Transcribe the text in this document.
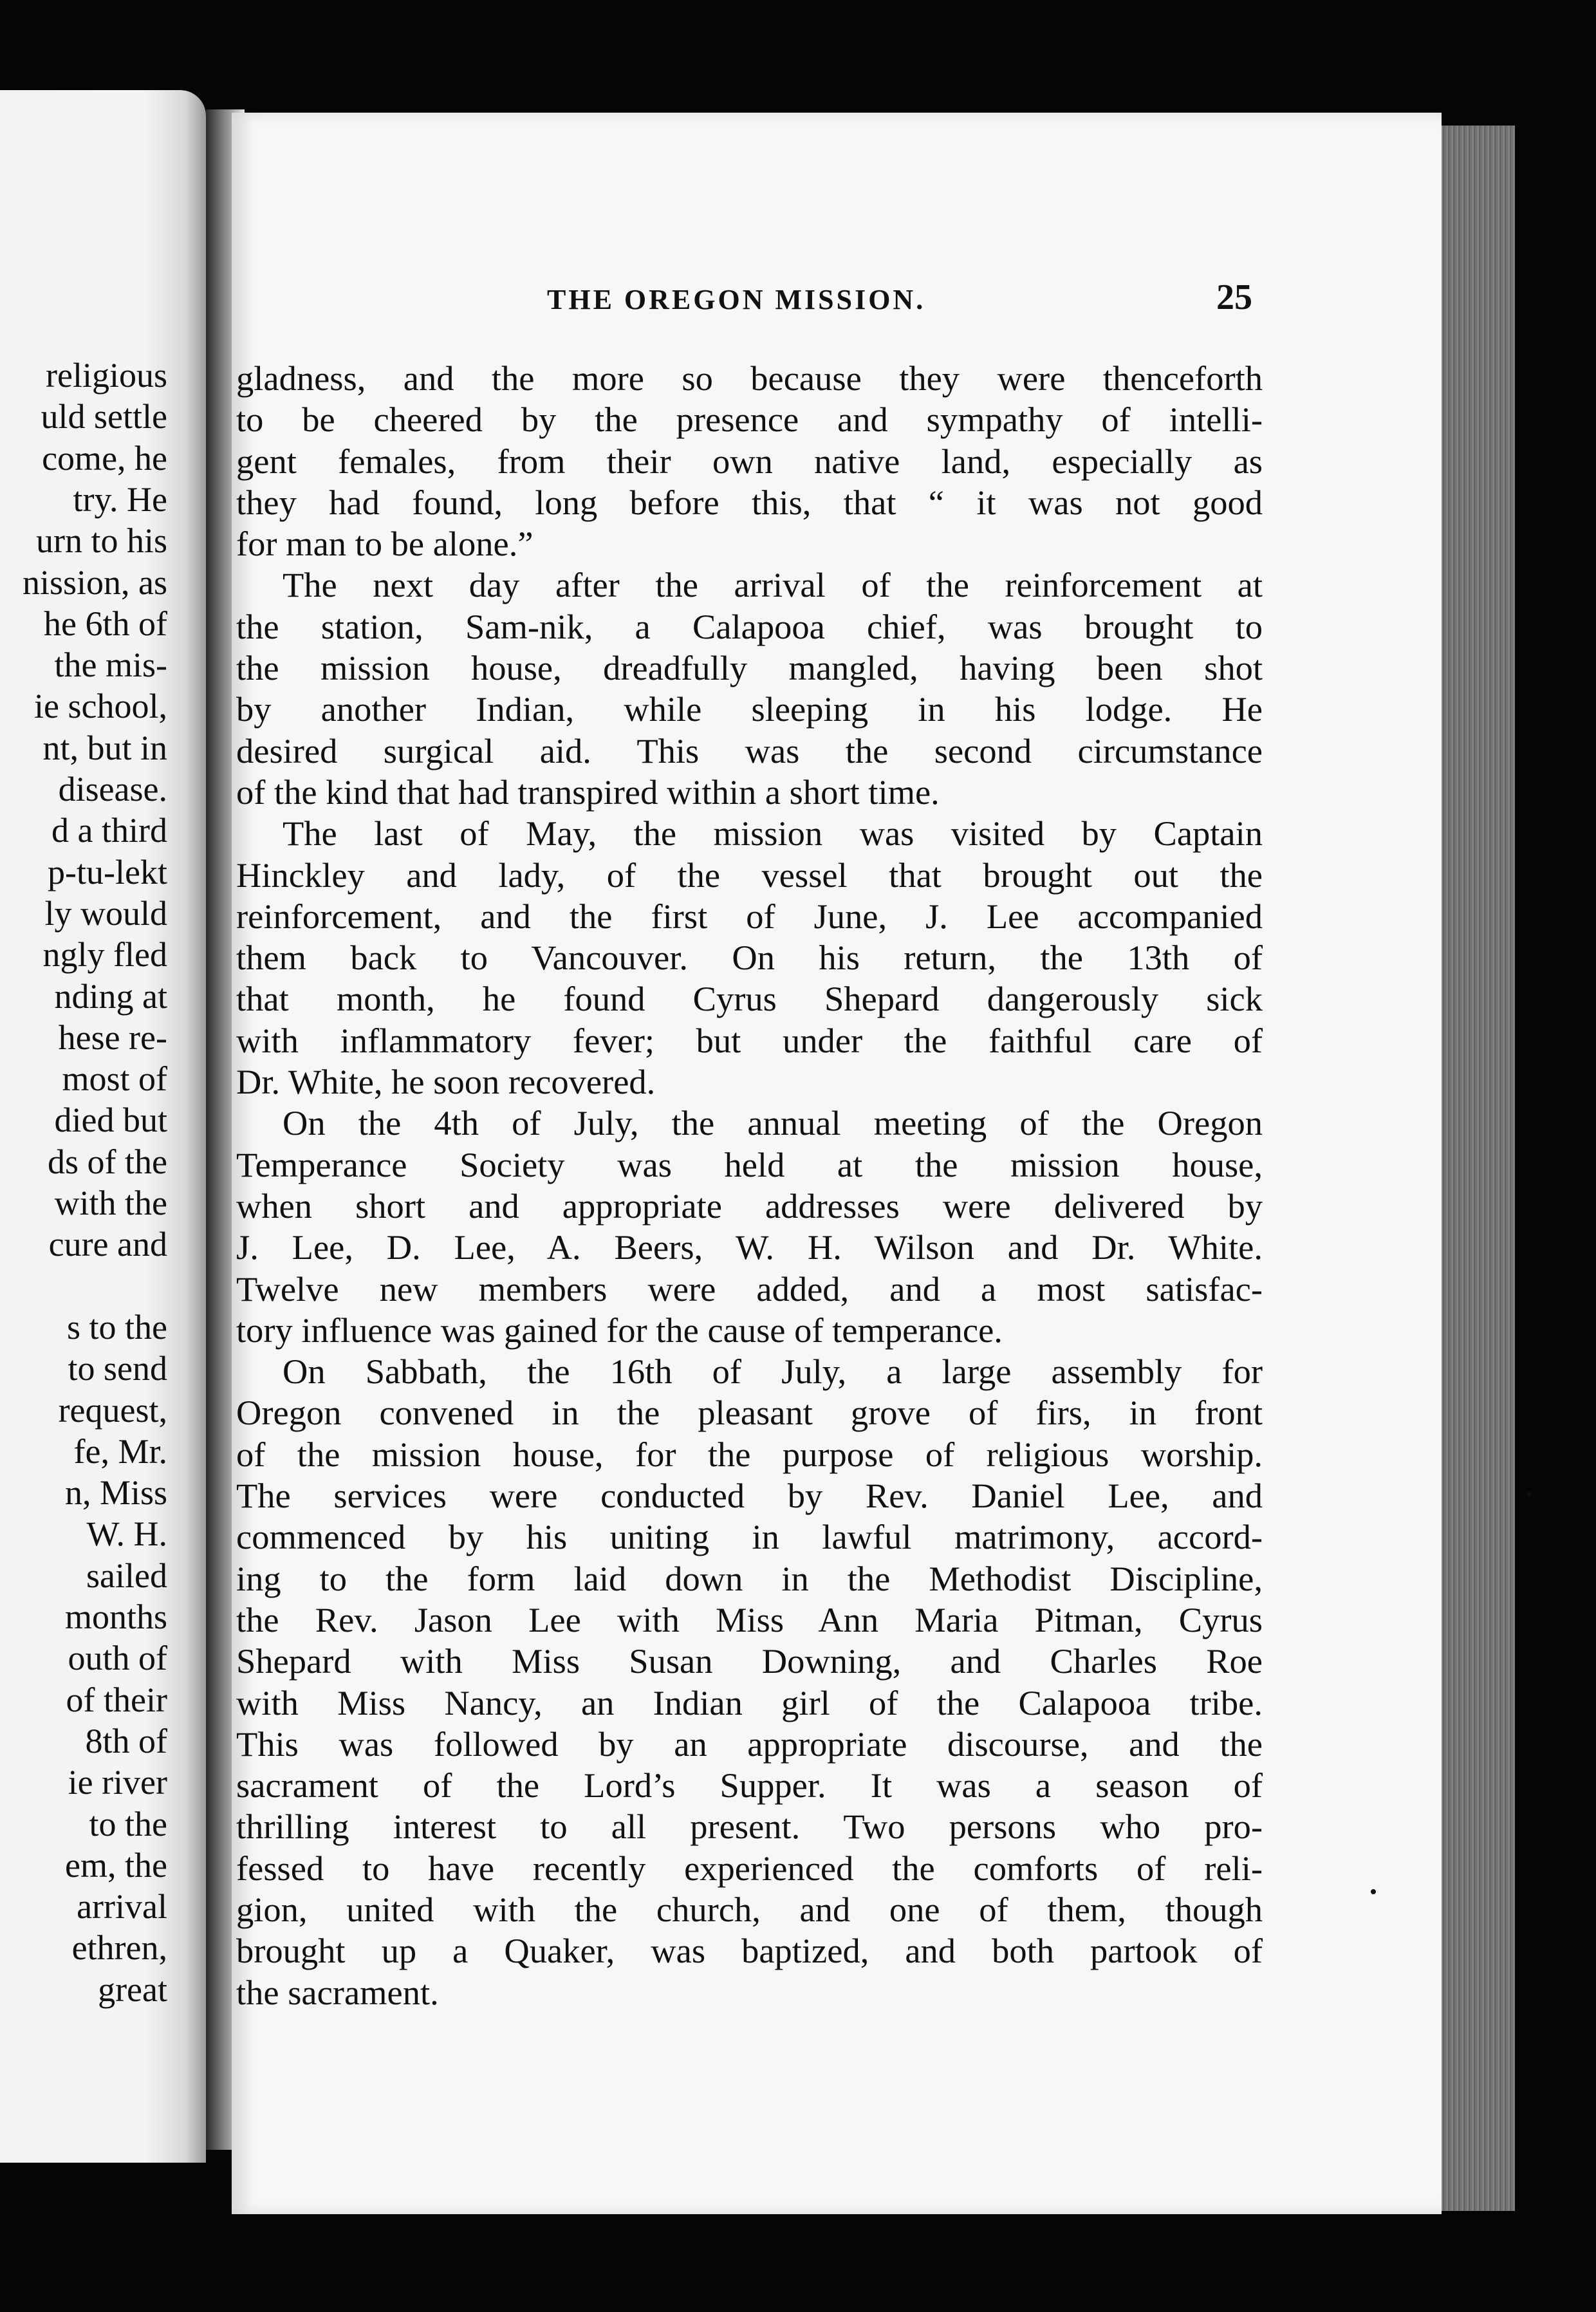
religious
uld settle
come, he
try. He
urn to his
nission, as
he 6th of
the mis-
ie school,
nt, but in
disease.
d a third
p-tu-lekt
ly would
ngly fled
nding at
hese re-
most of
died but
ds of the
with the
cure and
s to the
to send
request,
fe, Mr.
n, Miss
W. H.
sailed
months
outh of
of their
8th of
ie river
to the
em, the
arrival
ethren,
great
THE OREGON MISSION.	25
gladness, and the more so because they were thenceforth
to be cheered by the presence and sympathy of intelli-
gent females, from their own native land, especially as
they had found, long before this, that “ it was not good
for man to be alone.”
The next day after the arrival of the reinforcement at
the station, Sam-nik, a Calapooa chief, was brought to
the mission house, dreadfully mangled, having been shot
by another Indian, while sleeping in his lodge. He
desired surgical aid. This was the second circumstance
of the kind that had transpired within a short time.
The last of May, the mission was visited by Captain
Hinckley and lady, of the vessel that brought out the
reinforcement, and the first of June, J. Lee accompanied
them back to Vancouver. On his return, the 13th of
that month, he found Cyrus Shepard dangerously sick
with inflammatory fever; but under the faithful care of
Dr. White, he soon recovered.
On the 4th of July, the annual meeting of the Oregon
Temperance Society was held at the mission house,
when short and appropriate addresses were delivered by
J. Lee, D. Lee, A. Beers, W. H. Wilson and Dr. White.
Twelve new members were added, and a most satisfac-
tory influence was gained for the cause of temperance.
On Sabbath, the 16th of July, a large assembly for
Oregon convened in the pleasant grove of firs, in front
of the mission house, for the purpose of religious worship.
The services were conducted by Rev. Daniel Lee, and
commenced by his uniting in lawful matrimony, accord-
ing to the form laid down in the Methodist Discipline,
the Rev. Jason Lee with Miss Ann Maria Pitman, Cyrus
Shepard with Miss Susan Downing, and Charles Roe
with Miss Nancy, an Indian girl of the Calapooa tribe.
This was followed by an appropriate discourse, and the
sacrament of the Lord’s Supper. It was a season of
thrilling interest to all present. Two persons who pro-
fessed to have recently experienced the comforts of reli-
gion, united with the church, and one of them, though
brought up a Quaker, was baptized, and both partook of
the sacrament.
